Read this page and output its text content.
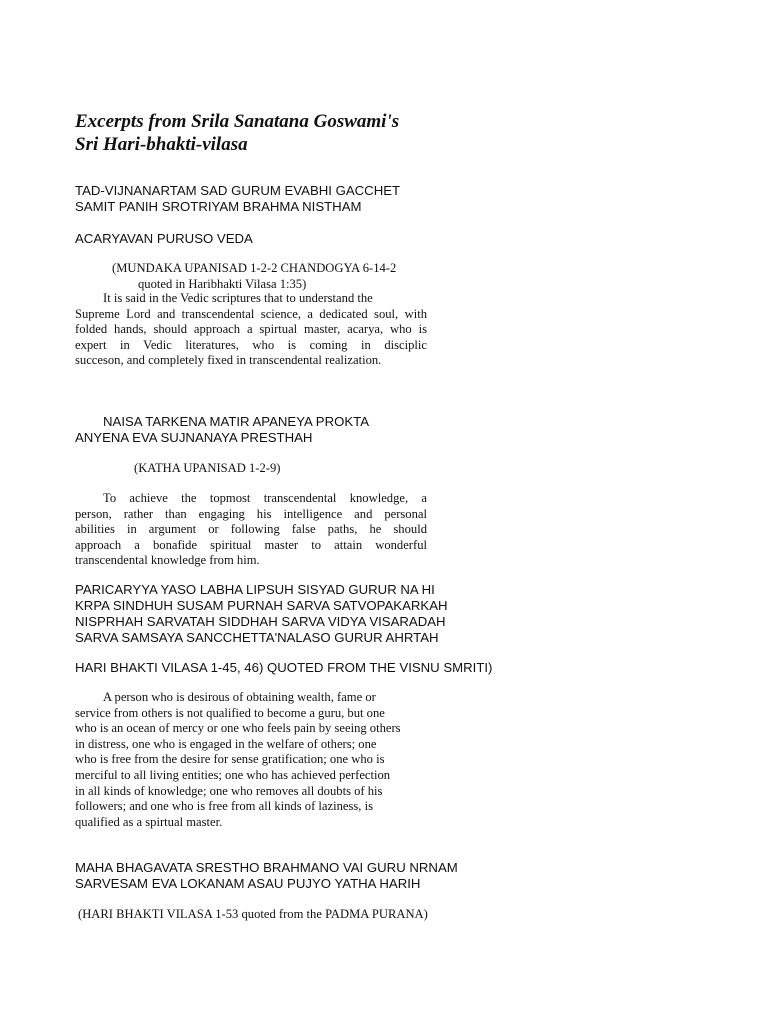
Excerpts from Srila Sanatana Goswami's
Sri Hari-bhakti-vilasa
TAD-VIJNANARTAM SAD GURUM EVABHI GACCHET
SAMIT PANIH SROTRIYAM BRAHMA NISTHAM
ACARYAVAN PURUSO VEDA
(MUNDAKA UPANISAD 1-2-2 CHANDOGYA 6-14-2
quoted in Haribhakti Vilasa 1:35)
It is said in the Vedic scriptures that to understand the
Supreme Lord and transcendental science, a dedicated soul, with
folded hands, should approach a spirtual master, acarya, who is
expert in Vedic literatures, who is coming in disciplic
succeson, and completely fixed in transcendental realization.
NAISA TARKENA MATIR APANEYA PROKTA
ANYENA EVA SUJNANAYA PRESTHAH
(KATHA UPANISAD 1-2-9)
To achieve the topmost transcendental knowledge, a
person, rather than engaging his intelligence and personal
abilities in argument or following false paths, he should
approach a bonafide spiritual master to attain wonderful
transcendental knowledge from him.
PARICARYYA YASO LABHA LIPSUH SISYAD GURUR NA HI
KRPA SINDHUH SUSAM PURNAH SARVA SATVOPAKARKAH
NISPRHAH SARVATAH SIDDHAH SARVA VIDYA VISARADAH
SARVA SAMSAYA SANCCHETTA'NALASO GURUR AHRTAH
HARI BHAKTI VILASA 1-45, 46) QUOTED FROM THE VISNU SMRITI)
A person who is desirous of obtaining wealth, fame or
service from others is not qualified to become a guru, but one
who is an ocean of mercy or one who feels pain by seeing others
in distress, one who is engaged in the welfare of others; one
who is free from the desire for sense gratification; one who is
merciful to all living entities; one who has achieved perfection
in all kinds of knowledge; one who removes all doubts of his
followers; and one who is free from all kinds of laziness, is
qualified as a spirtual master.
MAHA BHAGAVATA SRESTHO BRAHMANO VAI GURU NRNAM
SARVESAM EVA LOKANAM ASAU PUJYO YATHA HARIH
(HARI BHAKTI VILASA 1-53 quoted from the PADMA PURANA)
